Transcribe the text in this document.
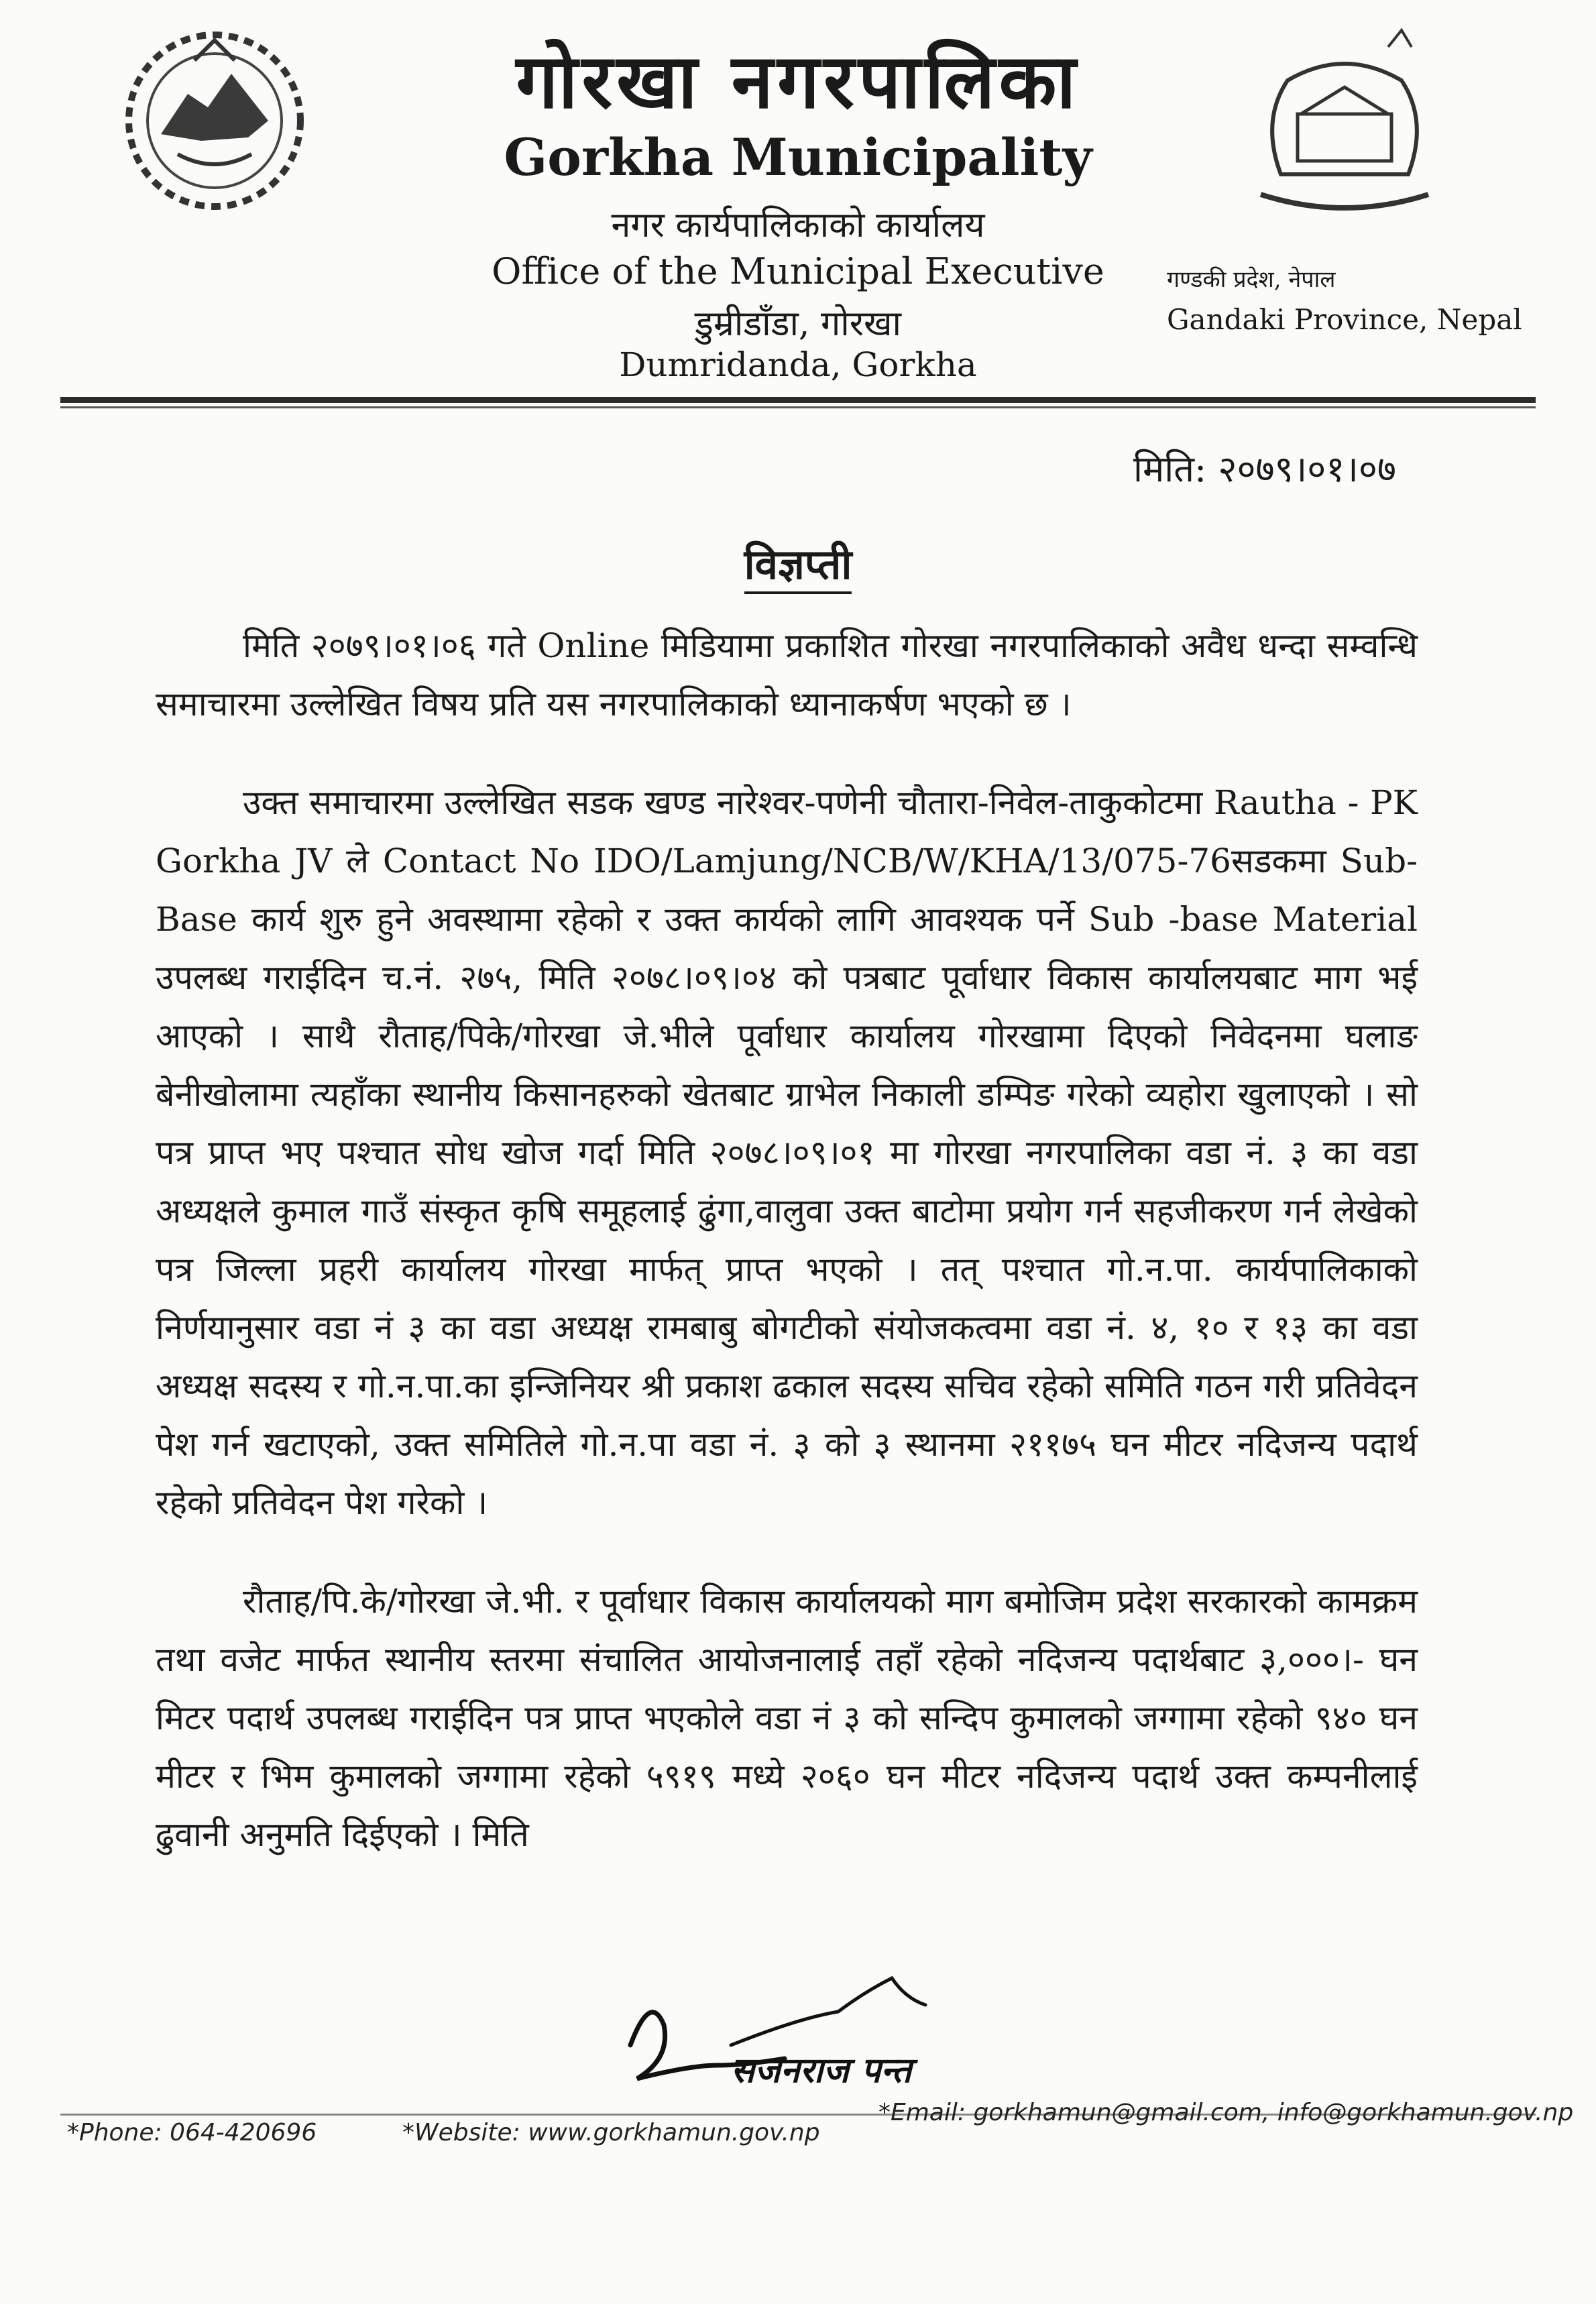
गोरखा नगरपालिका
Gorkha Municipality
नगर कार्यपालिकाको कार्यालय
Office of the Municipal Executive
डुम्रीडाँडा, गोरखा
Dumridanda, Gorkha
गण्डकी प्रदेश, नेपाल
Gandaki Province, Nepal
मिति: २०७९।०१।०७
विज्ञप्ती

मिति २०७९।०१।०६ गते Online मिडियामा प्रकाशित गोरखा नगरपालिकाको अवैध धन्दा सम्वन्धि समाचारमा उल्लेखित विषय प्रति यस नगरपालिकाको ध्यानाकर्षण भएको छ ।

उक्त समाचारमा उल्लेखित सडक खण्ड नारेश्वर-पणेनी चौतारा-निवेल-ताकुकोटमा Rautha - PK Gorkha JV ले Contact No IDO/Lamjung/NCB/W/KHA/13/075-76सडकमा Sub-Base कार्य शुरु हुने अवस्थामा रहेको र उक्त कार्यको लागि आवश्यक पर्ने Sub -base Material उपलब्ध गराईदिन च.नं. २७५, मिति २०७८।०९।०४ को पत्रबाट पूर्वाधार विकास कार्यालयबाट माग भई आएको । साथै रौताह/पिके/गोरखा जे.भीले पूर्वाधार कार्यालय गोरखामा दिएको निवेदनमा घलाङ बेनीखोलामा त्यहाँका स्थानीय किसानहरुको खेतबाट ग्राभेल निकाली डम्पिङ गरेको व्यहोरा खुलाएको । सो पत्र प्राप्त भए पश्चात सोध खोज गर्दा मिति २०७८।०९।०१ मा गोरखा नगरपालिका वडा नं. ३ का वडा अध्यक्षले कुमाल गाउँ संस्कृत कृषि समूहलाई ढुंगा,वालुवा उक्त बाटोमा प्रयोग गर्न सहजीकरण गर्न लेखेको पत्र जिल्ला प्रहरी कार्यालय गोरखा मार्फत् प्राप्त भएको । तत् पश्चात गो.न.पा. कार्यपालिकाको निर्णयानुसार वडा नं ३ का वडा अध्यक्ष रामबाबु बोगटीको संयोजकत्वमा वडा नं. ४, १० र १३ का वडा अध्यक्ष सदस्य र गो.न.पा.का इन्जिनियर श्री प्रकाश ढकाल सदस्य सचिव रहेको समिति गठन गरी प्रतिवेदन पेश गर्न खटाएको, उक्त समितिले गो.न.पा वडा नं. ३ को ३ स्थानमा २११७५ घन मीटर नदिजन्य पदार्थ रहेको प्रतिवेदन पेश गरेको ।

रौताह/पि.के/गोरखा जे.भी. र पूर्वाधार विकास कार्यालयको माग बमोजिम प्रदेश सरकारको कामक्रम तथा वजेट मार्फत स्थानीय स्तरमा संचालित आयोजनालाई तहाँ रहेको नदिजन्य पदार्थबाट ३,०००।- घन मिटर पदार्थ उपलब्ध गराईदिन पत्र प्राप्त भएकोले वडा नं ३ को सन्दिप कुमालको जग्गामा रहेको ९४० घन मीटर र भिम कुमालको जग्गामा रहेको ५९१९ मध्ये २०६० घन मीटर नदिजन्य पदार्थ उक्त कम्पनीलाई ढुवानी अनुमति दिईएको । मिति

सजनराज पन्त
*Phone: 064-420696	*Website: www.gorkhamun.gov.np
*Email: gorkhamun@gmail.com, info@gorkhamun.gov.np
